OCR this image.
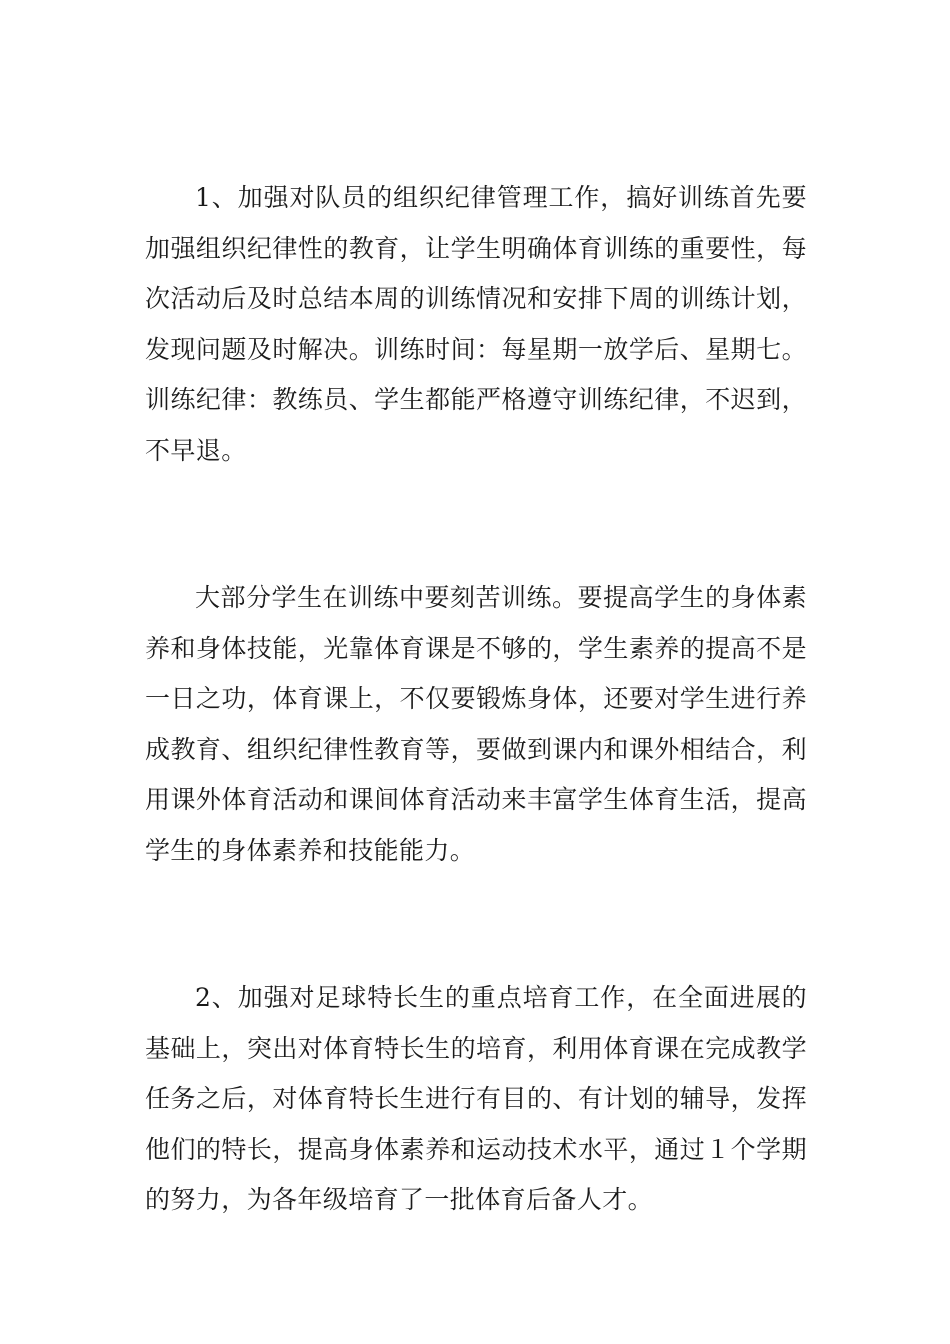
1、加强对队员的组织纪律管理工作，搞好训练首先要加强组织纪律性的教育，让学生明确体育训练的重要性，每次活动后及时总结本周的训练情况和安排下周的训练计划，发现问题及时解决。训练时间：每星期一放学后、星期七。训练纪律：教练员、学生都能严格遵守训练纪律，不迟到，不早退。

大部分学生在训练中要刻苦训练。要提高学生的身体素养和身体技能，光靠体育课是不够的，学生素养的提高不是一日之功，体育课上，不仅要锻炼身体，还要对学生进行养成教育、组织纪律性教育等，要做到课内和课外相结合，利用课外体育活动和课间体育活动来丰富学生体育生活，提高学生的身体素养和技能能力。

2、加强对足球特长生的重点培育工作，在全面进展的基础上，突出对体育特长生的培育，利用体育课在完成教学任务之后，对体育特长生进行有目的、有计划的辅导，发挥他们的特长，提高身体素养和运动技术水平，通过１个学期的努力，为各年级培育了一批体育后备人才。
